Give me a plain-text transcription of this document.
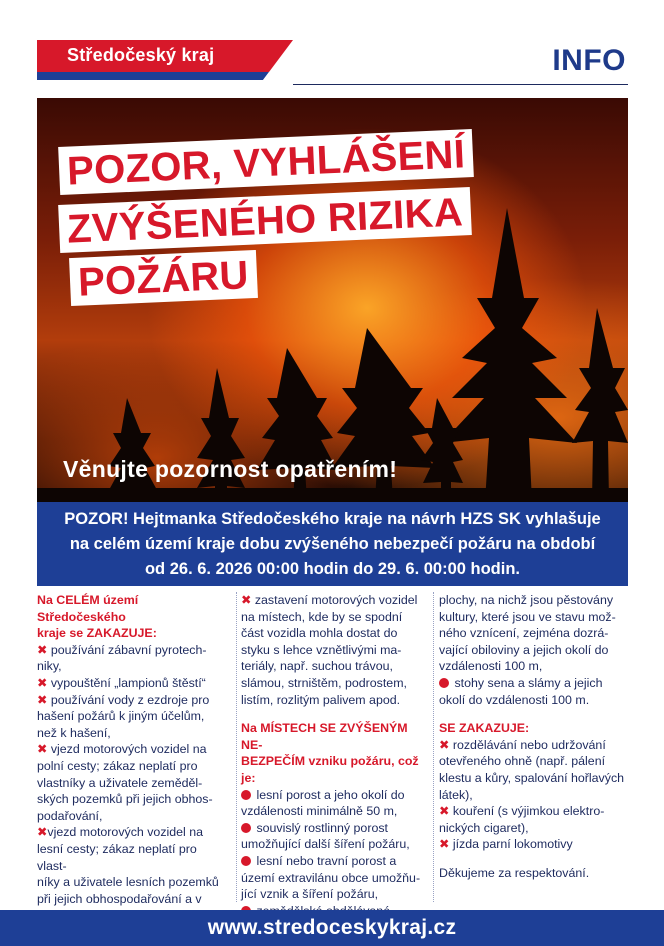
Středočeský kraj	INFO
POZOR, VYHLÁŠENÍ
ZVÝŠENÉHO RIZIKA
POŽÁRU
Věnujte pozornost opatřením!
POZOR! Hejtmanka Středočeského kraje na návrh HZS SK vyhlašuje
na celém území kraje dobu zvýšeného nebezpečí požáru na období
od 26. 6. 2026 00:00 hodin do 29. 6. 00:00 hodin.
Na CELÉM území Středočeského
kraje se ZAKAZUJE:
✖ používání zábavní pyrotech-
niky,
✖ vypouštění „lampionů štěstí“
✖ používání vody z ezdroje pro
hašení požárů k jiným účelům,
než k hašení,
✖ vjezd motorových vozidel na
polní cesty; zákaz neplatí pro
vlastníky a uživatele zeměděl-
ských pozemků při jejich obhos-
podařování,
✖vjezd motorových vozidel na
lesní cesty; zákaz neplatí pro vlast-
níky a uživatele lesních pozemků
při jejich obhospodařování a v

✖ zastavení motorových vozidel
na místech, kde by se spodní
část vozidla mohla dostat do
styku s lehce vznětlivými ma-
teriály, např. suchou trávou,
slámou, strništěm, podrostem,
listím, rozlitým palivem apod.
Na MÍSTECH SE ZVÝŠENÝM NE-
BEZPEČÍM vzniku požáru, což je:
lesní porost a jeho okolí do
vzdálenosti minimálně 50 m,
souvislý rostlinný porost
umožňující další šíření požáru,
lesní nebo travní porost a
území extravilánu obce umožňu-
jící vznik a šíření požáru,
plochy, na nichž jsou pěstovány
kultury, které jsou ve stavu mož-
ného vznícení, zejména dozrá-
vající obiloviny a jejich okolí do
vzdálenosti 100 m,
stohy sena a slámy a jejich
okolí do vzdálenosti 100 m.
SE ZAKAZUJE:
✖ rozdělávání nebo udržování
otevřeného ohně (např. pálení
klestu a kůry, spalování hořlavých
látek),
✖ kouření (s výjimkou elektro-
nických cigaret),
✖ jízda parní lokomotivy
Děkujeme za respektování.
www.stredoceskykraj.cz
